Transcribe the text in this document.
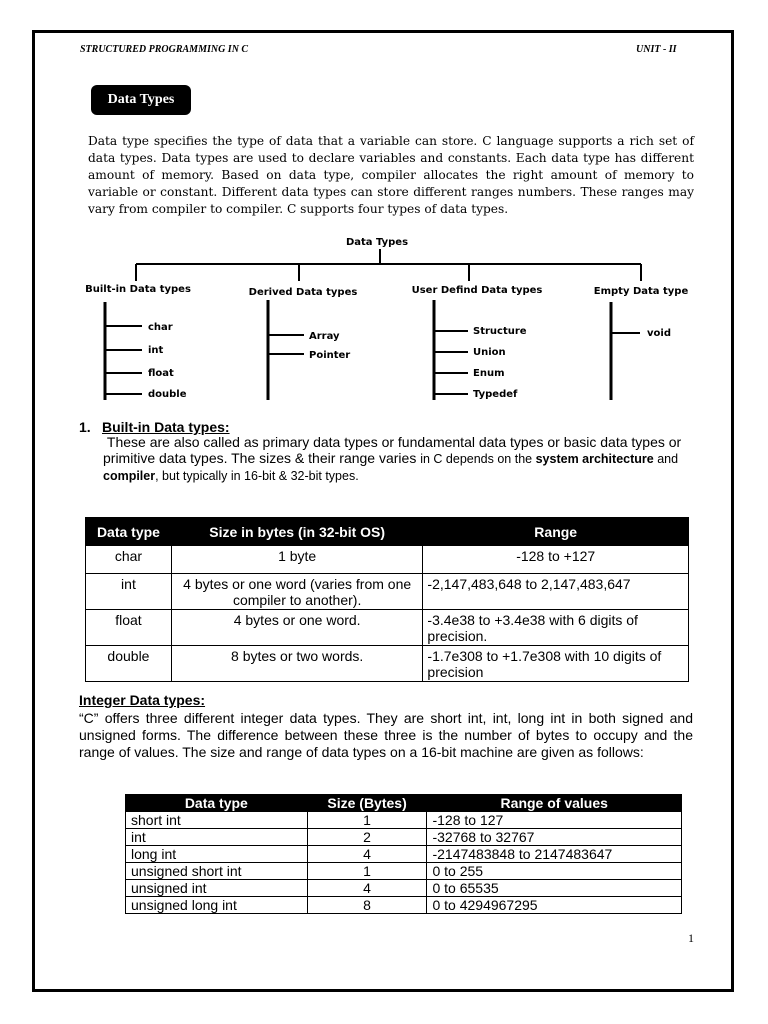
STRUCTURED PROGRAMMING IN C	UNIT - II
Data Types
Data type specifies the type of data that a variable can store. C language supports a rich set of data types. Data types are used to declare variables and constants. Each data type has different amount of memory. Based on data type, compiler allocates the right amount of memory to variable or constant. Different data types can store different ranges numbers. These ranges may vary from compiler to compiler. C supports four types of data types.
Data Types
Built-in Data types	Derived Data types	User Defind Data types	Empty Data type
char
int
float
double
Array
Pointer
Structure
Union
Enum
Typedef
void
1. Built-in Data types:
These are also called as primary data types or fundamental data types or basic data types or primitive data types. The sizes & their range varies in C depends on the system architecture and compiler, but typically in 16-bit & 32-bit types.
Data type	Size in bytes (in 32-bit OS)	Range
char	1 byte	-128 to +127
int	4 bytes or one word (varies from one compiler to another).	-2,147,483,648 to 2,147,483,647
float	4 bytes or one word.	-3.4e38 to +3.4e38 with 6 digits of precision.
double	8 bytes or two words.	-1.7e308 to +1.7e308 with 10 digits of precision
Integer Data types:
“C” offers three different integer data types. They are short int, int, long int in both signed and unsigned forms. The difference between these three is the number of bytes to occupy and the range of values. The size and range of data types on a 16-bit machine are given as follows:
Data type	Size (Bytes)	Range of values
short int	1	-128 to 127
int	2	-32768 to 32767
long int	4	-2147483848 to 2147483647
unsigned short int	1	0 to 255
unsigned int	4	0 to 65535
unsigned long int	8	0 to 4294967295
1
